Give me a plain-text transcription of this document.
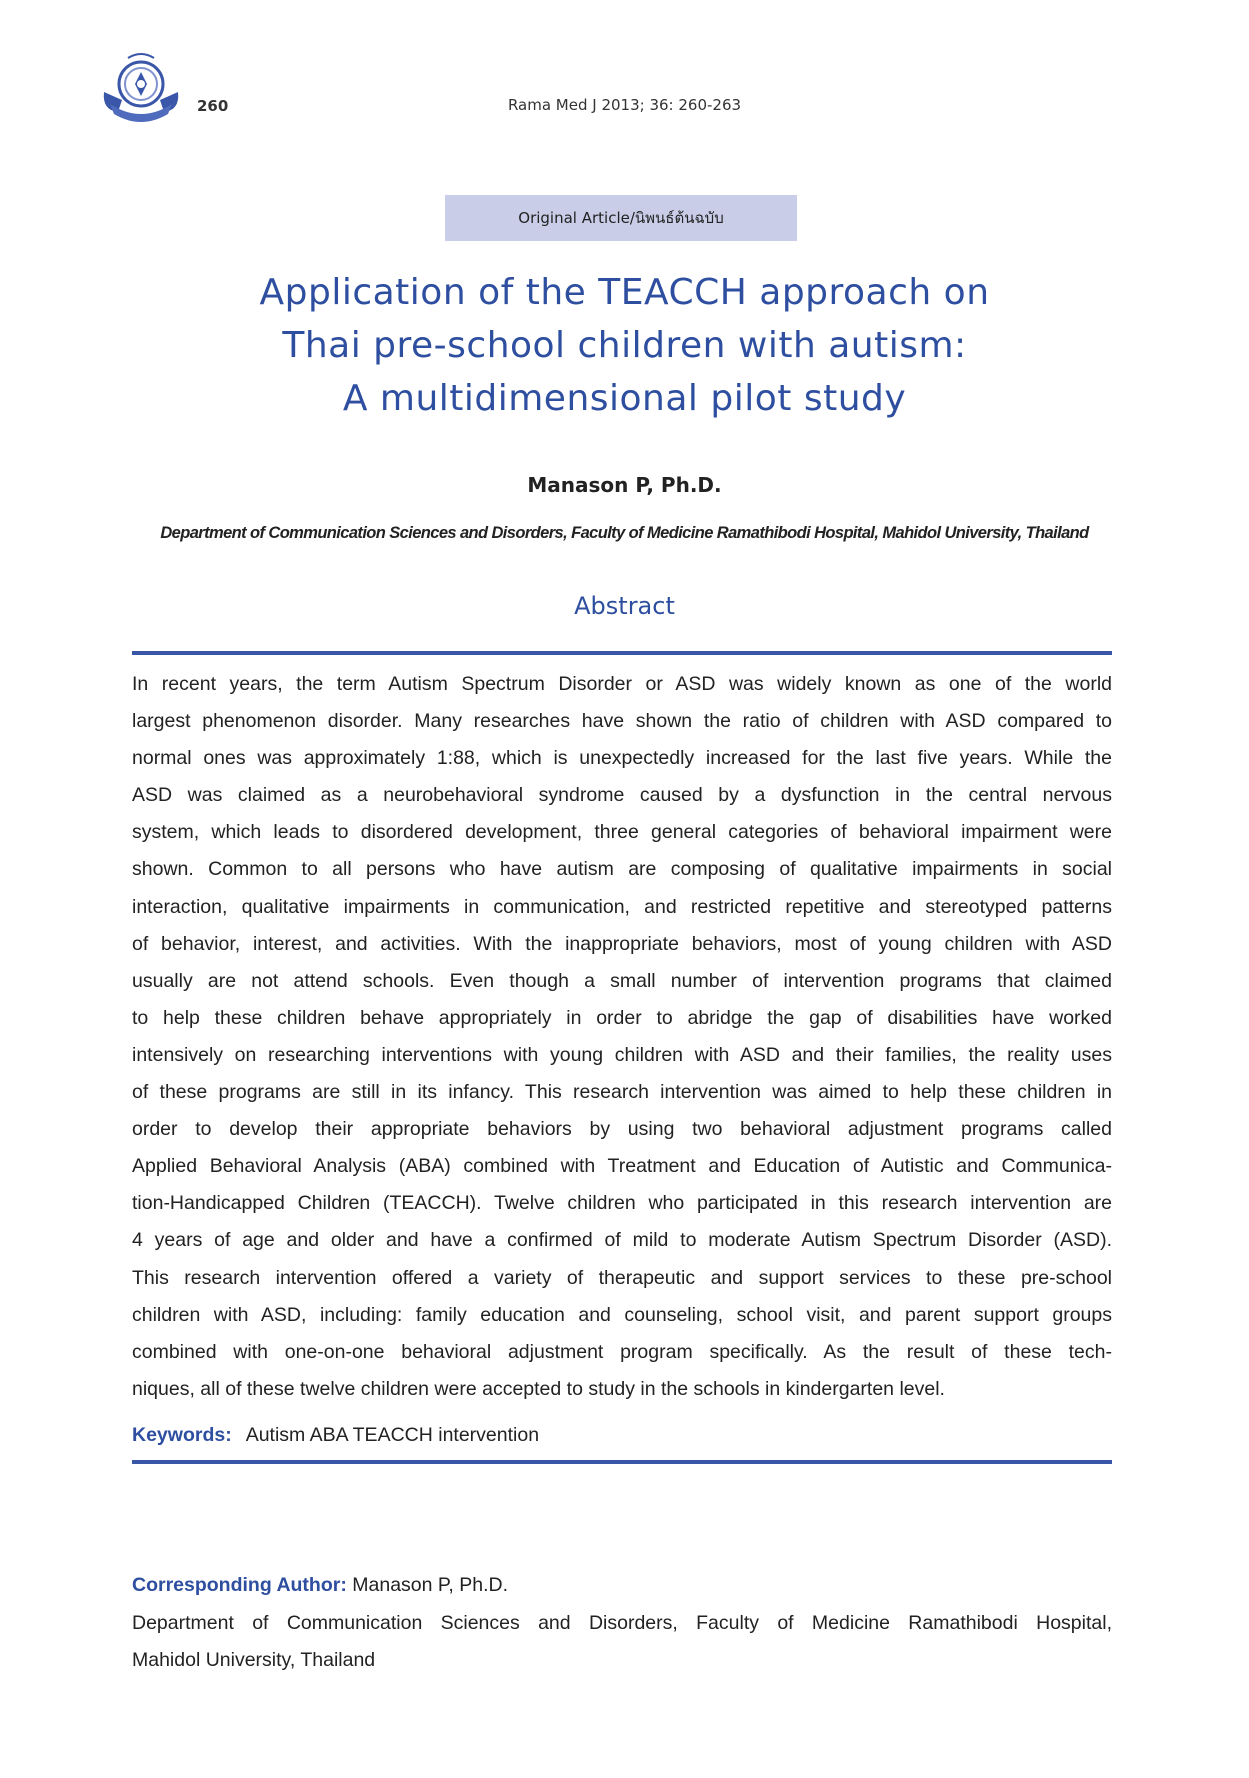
260	Rama Med J 2013; 36: 260-263
Original Article/นิพนธ์ต้นฉบับ
Application of the TEACCH approach on
Thai pre-school children with autism:
A multidimensional pilot study
Manason P, Ph.D.
Department of Communication Sciences and Disorders, Faculty of Medicine Ramathibodi Hospital, Mahidol University, Thailand
Abstract
In recent years, the term Autism Spectrum Disorder or ASD was widely known as one of the world
largest phenomenon disorder. Many researches have shown the ratio of children with ASD compared to
normal ones was approximately 1:88, which is unexpectedly increased for the last five years. While the
ASD was claimed as a neurobehavioral syndrome caused by a dysfunction in the central nervous
system, which leads to disordered development, three general categories of behavioral impairment were
shown. Common to all persons who have autism are composing of qualitative impairments in social
interaction, qualitative impairments in communication, and restricted repetitive and stereotyped patterns
of behavior, interest, and activities. With the inappropriate behaviors, most of young children with ASD
usually are not attend schools. Even though a small number of intervention programs that claimed
to help these children behave appropriately in order to abridge the gap of disabilities have worked
intensively on researching interventions with young children with ASD and their families, the reality uses
of these programs are still in its infancy. This research intervention was aimed to help these children in
order to develop their appropriate behaviors by using two behavioral adjustment programs called
Applied Behavioral Analysis (ABA) combined with Treatment and Education of Autistic and Communica-
tion-Handicapped Children (TEACCH). Twelve children who participated in this research intervention are
4 years of age and older and have a confirmed of mild to moderate Autism Spectrum Disorder (ASD).
This research intervention offered a variety of therapeutic and support services to these pre-school
children with ASD, including: family education and counseling, school visit, and parent support groups
combined with one-on-one behavioral adjustment program specifically. As the result of these tech-
niques, all of these twelve children were accepted to study in the schools in kindergarten level.
Keywords: Autism ABA TEACCH intervention
Corresponding Author: Manason P, Ph.D.
Department of Communication Sciences and Disorders, Faculty of Medicine Ramathibodi Hospital,
Mahidol University, Thailand
